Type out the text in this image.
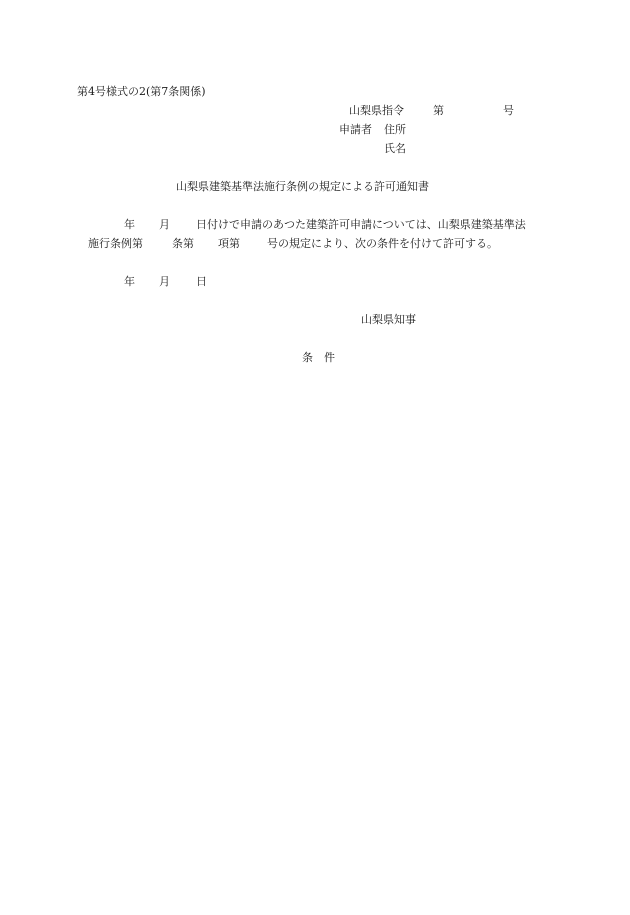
第4号様式の2(第7条関係)
山梨県指令	第	号
申請者 住所
氏名
山梨県建築基準法施行条例の規定による許可通知書
年 月 日付けで申請のあつた建築許可申請については、山梨県建築基準法
施行条例第	条第 項第 号の規定により、次の条件を付けて許可する。
年 月 日
山梨県知事
条　件
